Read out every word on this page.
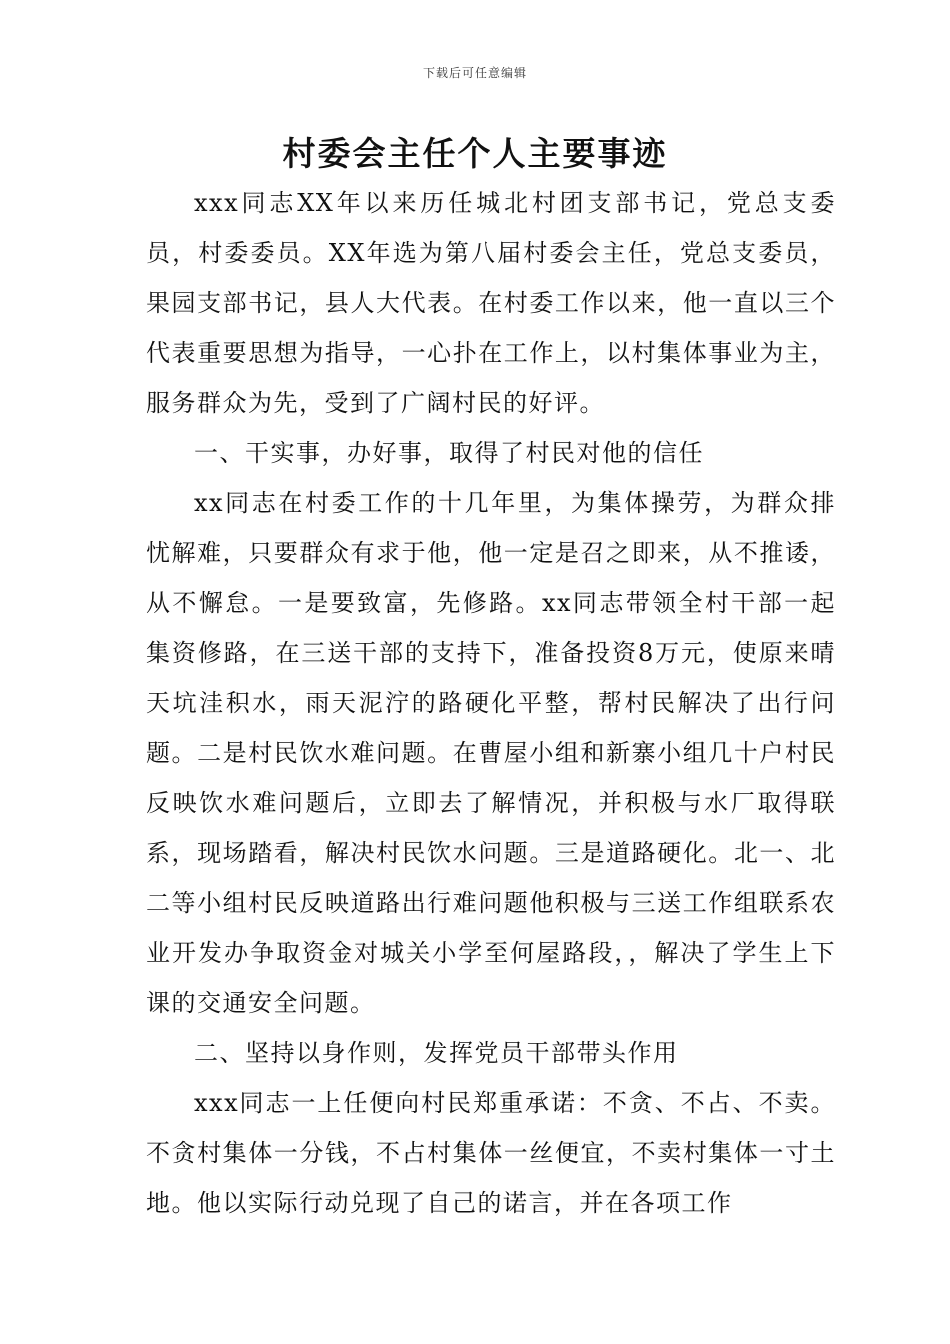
下载后可任意编辑
村委会主任个人主要事迹

xxx同志XX年以来历任城北村团支部书记，党总支委员，村委委员。XX年选为第八届村委会主任，党总支委员，果园支部书记，县人大代表。在村委工作以来，他一直以三个代表重要思想为指导，一心扑在工作上，以村集体事业为主，服务群众为先，受到了广阔村民的好评。

一、干实事，办好事，取得了村民对他的信任

xx同志在村委工作的十几年里，为集体操劳，为群众排忧解难，只要群众有求于他，他一定是召之即来，从不推诿，从不懈怠。一是要致富，先修路。xx同志带领全村干部一起集资修路，在三送干部的支持下，准备投资8万元，使原来晴天坑洼积水，雨天泥泞的路硬化平整，帮村民解决了出行问题。二是村民饮水难问题。在曹屋小组和新寨小组几十户村民反映饮水难问题后，立即去了解情况，并积极与水厂取得联系，现场踏看，解决村民饮水问题。三是道路硬化。北一、北二等小组村民反映道路出行难问题他积极与三送工作组联系农业开发办争取资金对城关小学至何屋路段，，解决了学生上下课的交通安全问题。

二、坚持以身作则，发挥党员干部带头作用

xxx同志一上任便向村民郑重承诺：不贪、不占、不卖。不贪村集体一分钱，不占村集体一丝便宜，不卖村集体一寸土地。他以实际行动兑现了自己的诺言，并在各项工作
